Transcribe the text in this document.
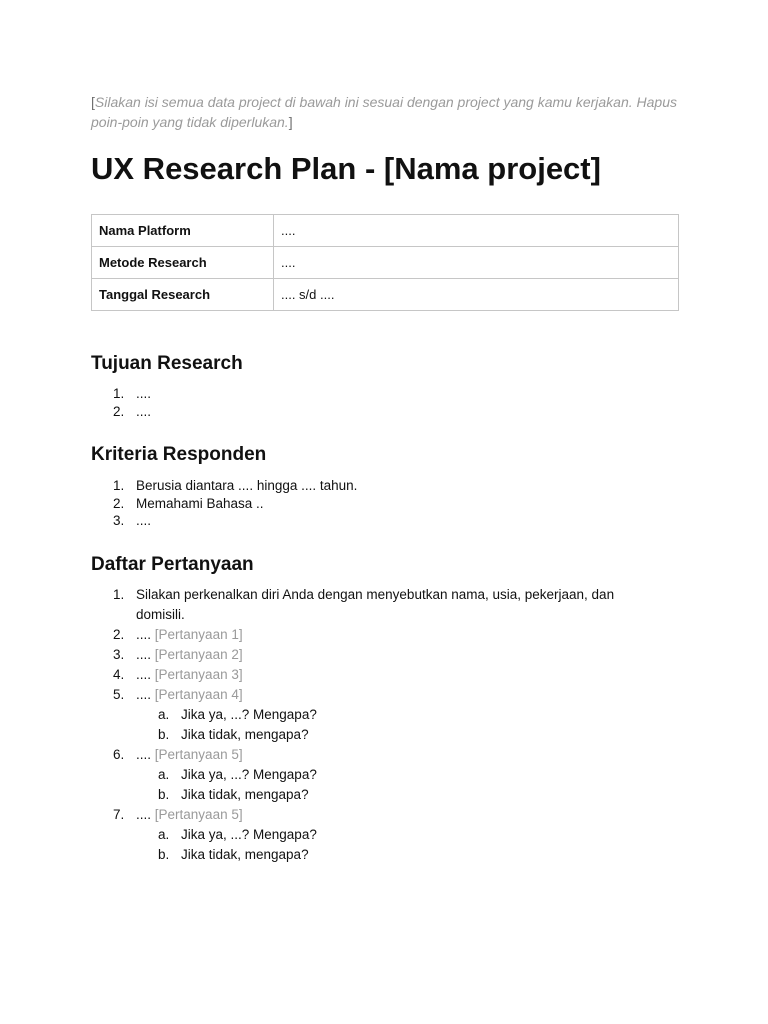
[Silakan isi semua data project di bawah ini sesuai dengan project yang kamu kerjakan. Hapus poin-poin yang tidak diperlukan.]

UX Research Plan - [Nama project]
Nama Platform	....
Metode Research	....
Tanggal Research	.... s/d ....
Tujuan Research
1. ....
2. ....
Kriteria Responden
1. Berusia diantara .... hingga .... tahun.
2. Memahami Bahasa ..
3. ....
Daftar Pertanyaan
1. Silakan perkenalkan diri Anda dengan menyebutkan nama, usia, pekerjaan, dan domisili.
2. .... [Pertanyaan 1]
3. .... [Pertanyaan 2]
4. .... [Pertanyaan 3]
5. .... [Pertanyaan 4]
a. Jika ya, ...? Mengapa?
b. Jika tidak, mengapa?
6. .... [Pertanyaan 5]
a. Jika ya, ...? Mengapa?
b. Jika tidak, mengapa?
7. .... [Pertanyaan 5]
a. Jika ya, ...? Mengapa?
b. Jika tidak, mengapa?
